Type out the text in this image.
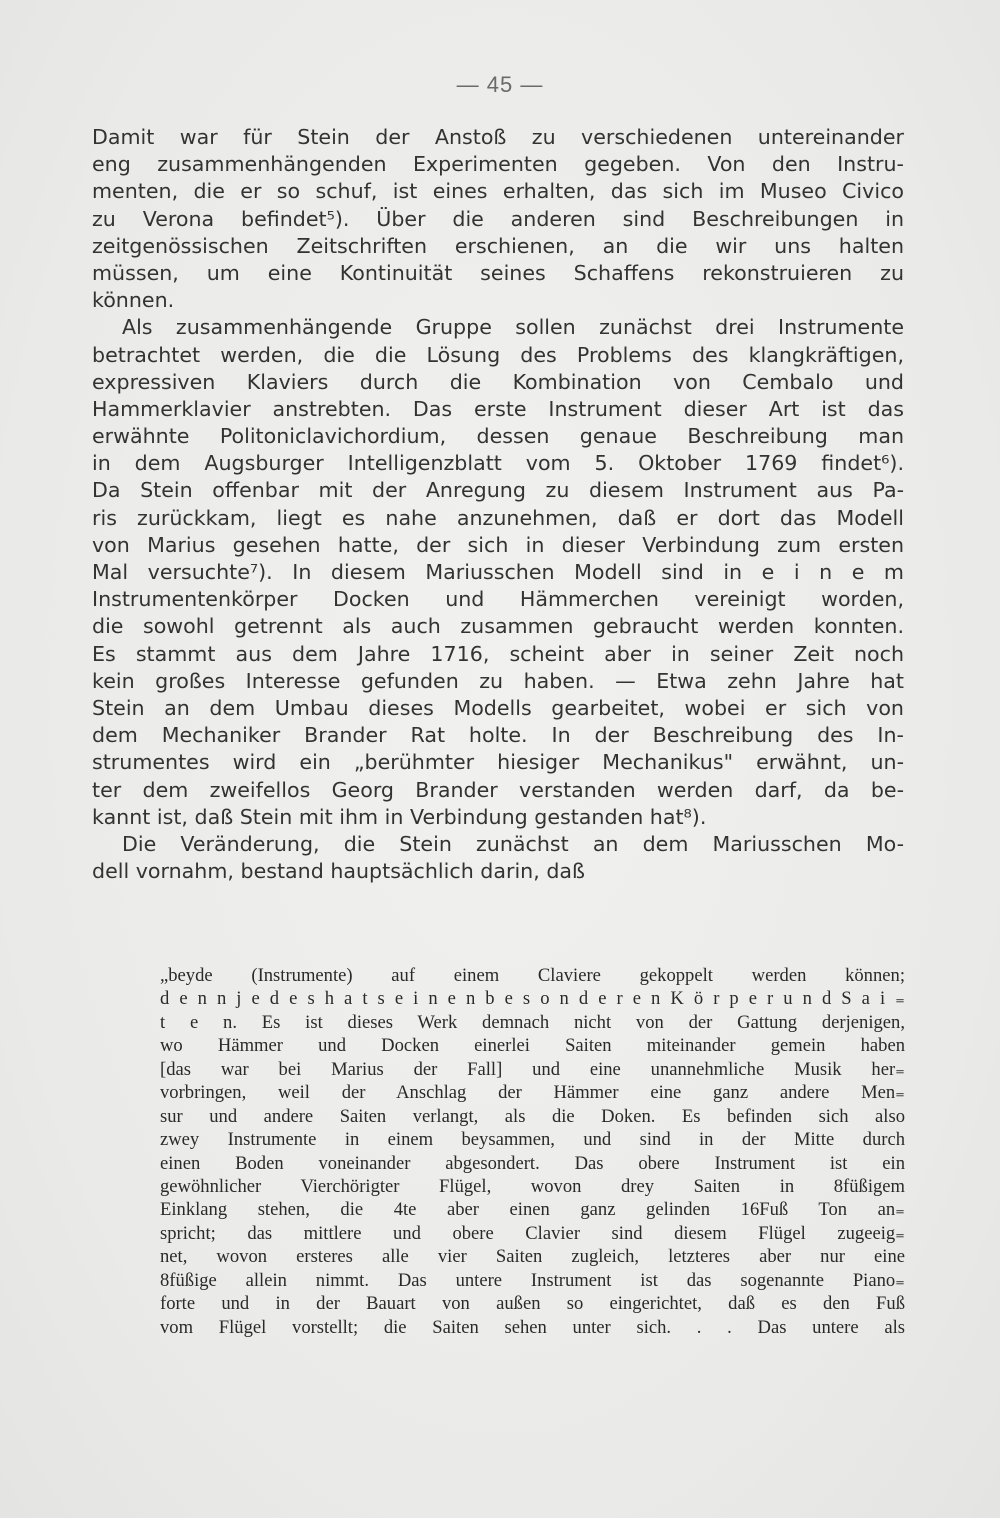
— 45 —
Damit war für Stein der Anstoß zu verschiedenen untereinander
eng zusammenhängenden Experimenten gegeben. Von den Instru-
menten, die er so schuf, ist eines erhalten, das sich im Museo Civico
zu Verona befindet⁵). Über die anderen sind Beschreibungen in
zeitgenössischen Zeitschriften erschienen, an die wir uns halten
müssen, um eine Kontinuität seines Schaffens rekonstruieren zu
können.
Als zusammenhängende Gruppe sollen zunächst drei Instrumente
betrachtet werden, die die Lösung des Problems des klangkräftigen,
expressiven Klaviers durch die Kombination von Cembalo und
Hammerklavier anstrebten. Das erste Instrument dieser Art ist das
erwähnte Politoniclavichordium, dessen genaue Beschreibung man
in dem Augsburger Intelligenzblatt vom 5. Oktober 1769 findet⁶).
Da Stein offenbar mit der Anregung zu diesem Instrument aus Pa-
ris zurückkam, liegt es nahe anzunehmen, daß er dort das Modell
von Marius gesehen hatte, der sich in dieser Verbindung zum ersten
Mal versuchte⁷). In diesem Mariusschen Modell sind in e i n e m
Instrumentenkörper Docken und Hämmerchen vereinigt worden,
die sowohl getrennt als auch zusammen gebraucht werden konnten.
Es stammt aus dem Jahre 1716, scheint aber in seiner Zeit noch
kein großes Interesse gefunden zu haben. — Etwa zehn Jahre hat
Stein an dem Umbau dieses Modells gearbeitet, wobei er sich von
dem Mechaniker Brander Rat holte. In der Beschreibung des In-
strumentes wird ein „berühmter hiesiger Mechanikus" erwähnt, un-
ter dem zweifellos Georg Brander verstanden werden darf, da be-
kannt ist, daß Stein mit ihm in Verbindung gestanden hat⁸).
Die Veränderung, die Stein zunächst an dem Mariusschen Mo-
dell vornahm, bestand hauptsächlich darin, daß
„beyde (Instrumente) auf einem Claviere gekoppelt werden können;
d e n n j e d e s h a t s e i n e n b e s o n d e r e n K ö r p e r u n d S a i ₌
t e n. Es ist dieses Werk demnach nicht von der Gattung derjenigen,
wo Hämmer und Docken einerlei Saiten miteinander gemein haben
[das war bei Marius der Fall] und eine unannehmliche Musik her₌
vorbringen, weil der Anschlag der Hämmer eine ganz andere Men₌
sur und andere Saiten verlangt, als die Doken. Es befinden sich also
zwey Instrumente in einem beysammen, und sind in der Mitte durch
einen Boden voneinander abgesondert. Das obere Instrument ist ein
gewöhnlicher Vierchörigter Flügel, wovon drey Saiten in 8füßigem
Einklang stehen, die 4te aber einen ganz gelinden 16Fuß Ton an₌
spricht; das mittlere und obere Clavier sind diesem Flügel zugeeig₌
net, wovon ersteres alle vier Saiten zugleich, letzteres aber nur eine
8füßige allein nimmt. Das untere Instrument ist das sogenannte Piano₌
forte und in der Bauart von außen so eingerichtet, daß es den Fuß
vom Flügel vorstellt; die Saiten sehen unter sich. . . Das untere als
